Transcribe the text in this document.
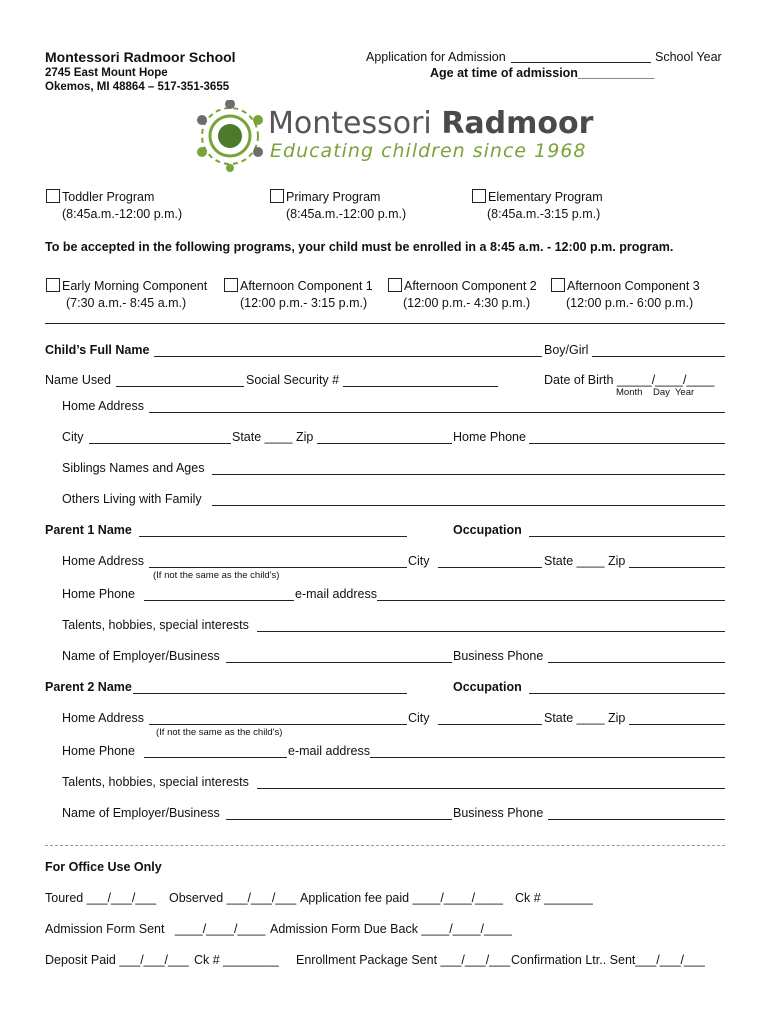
Montessori Radmoor School
2745 East Mount Hope
Okemos, MI 48864 – 517-351-3655
Application for Admission	School Year
Age at time of admission___________
Montessori Radmoor
Educating children since 1968
Toddler Program
(8:45a.m.-12:00 p.m.)
Primary Program
(8:45a.m.-12:00 p.m.)
Elementary Program
(8:45a.m.-3:15 p.m.)
To be accepted in the following programs, your child must be enrolled in a 8:45 a.m. - 12:00 p.m. program.
Early Morning Component
(7:30 a.m.- 8:45 a.m.)
Afternoon Component 1
(12:00 p.m.- 3:15 p.m.)
Afternoon Component 2
(12:00 p.m.- 4:30 p.m.)
Afternoon Component 3
(12:00 p.m.- 6:00 p.m.)
Child’s Full Name	Boy/Girl
Name Used	Social Security #	Date of Birth _____/____/____
Month    Day  Year
Home Address
City	State ____ Zip	Home Phone
Siblings Names and Ages
Others Living with Family
Parent 1 Name	Occupation
Home Address	City	State ____ Zip
(If not the same as the child's)
Home Phone	e-mail address
Talents, hobbies, special interests
Name of Employer/Business	Business Phone
Parent 2 Name	Occupation
Home Address	City	State ____ Zip
(If not the same as the child's)
Home Phone	e-mail address
Talents, hobbies, special interests
Name of Employer/Business	Business Phone
For Office Use Only
Toured ___/___/___ Observed ___/___/___ Application fee paid ____/____/____ Ck # _______
Admission Form Sent   ____/____/____ Admission Form Due Back ____/____/____
Deposit Paid ___/___/___ Ck # ________ Enrollment Package Sent ___/___/___ Confirmation Ltr.. Sent___/___/___
